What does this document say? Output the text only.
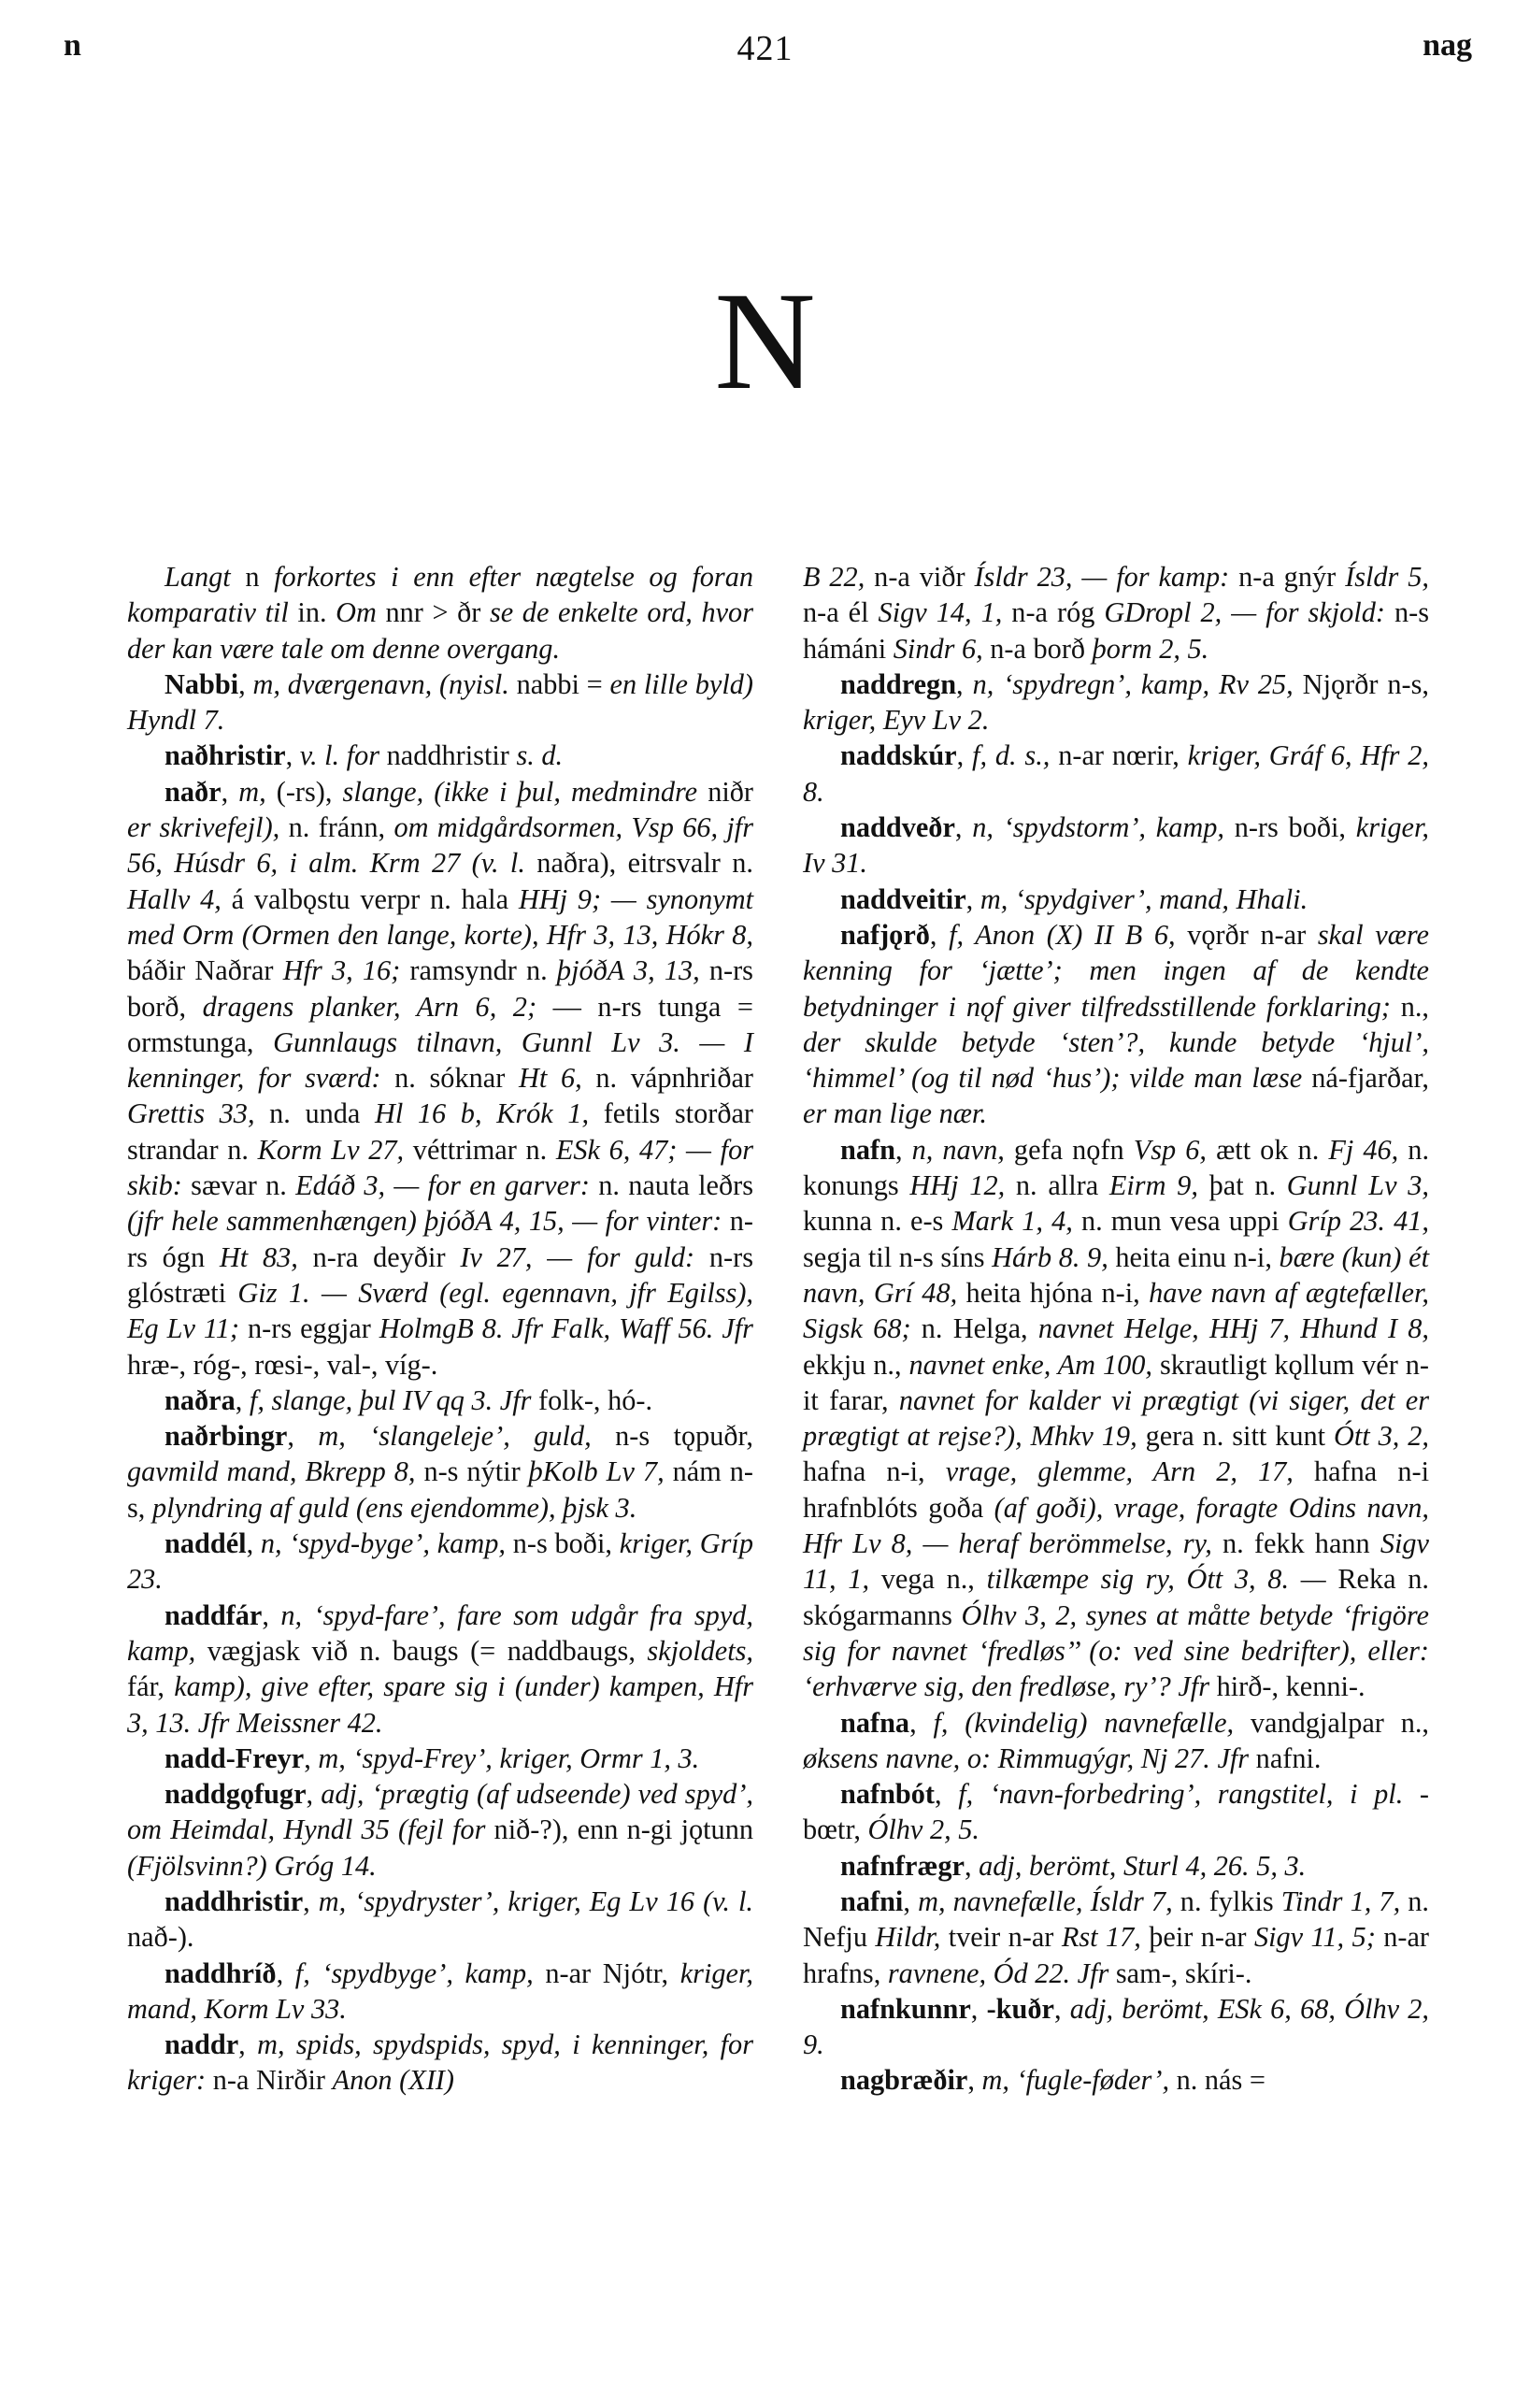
n	421	nag
N

Langt n forkortes i enn efter nægtelse og foran komparativ til in. Om nnr > ðr se de enkelte ord, hvor der kan være tale om denne overgang.

Nabbi, m, dværgenavn, (nyisl. nabbi = en lille byld) Hyndl 7.

naðhristir, v. l. for naddhristir s. d.

naðr, m, (-rs), slange, (ikke i þul, medmindre niðr er skrivefejl), n. fránn, om midgårdsormen, Vsp 66, jfr 56, Húsdr 6, i alm. Krm 27 (v. l. naðra), eitrsvalr n. Hallv 4, á valbǫstu verpr n. hala HHj 9; — synonymt med Orm (Ormen den lange, korte), Hfr 3, 13, Hókr 8, báðir Naðrar Hfr 3, 16; ramsyndr n. þjóðA 3, 13, n-rs borð, dragens planker, Arn 6, 2; — n-rs tunga = ormstunga, Gunnlaugs tilnavn, Gunnl Lv 3. — I kenninger, for sværd: n. sóknar Ht 6, n. vápnhriðar Grettis 33, n. unda Hl 16 b, Krók 1, fetils storðar strandar n. Korm Lv 27, véttrimar n. ESk 6, 47; — for skib: sævar n. Edáð 3, — for en garver: n. nauta leðrs (jfr hele sammenhængen) þjóðA 4, 15, — for vinter: n-rs ógn Ht 83, n-ra deyðir Iv 27, — for guld: n-rs glóstræti Giz 1. — Sværd (egl. egennavn, jfr Egilss), Eg Lv 11; n-rs eggjar HolmgB 8. Jfr Falk, Waff 56. Jfr hræ-, róg-, rœsi-, val-, víg-.

naðra, f, slange, þul IV qq 3. Jfr folk-, hó-.

naðrbingr, m, ‘slangeleje’, guld, n-s tǫpuðr, gavmild mand, Bkrepp 8, n-s nýtir þKolb Lv 7, nám n-s, plyndring af guld (ens ejendomme), þjsk 3.

naddél, n, ‘spyd-byge’, kamp, n-s boði, kriger, Gríp 23.

naddfár, n, ‘spyd-fare’, fare som udgår fra spyd, kamp, vægjask við n. baugs (= naddbaugs, skjoldets, fár, kamp), give efter, spare sig i (under) kampen, Hfr 3, 13. Jfr Meissner 42.

nadd-Freyr, m, ‘spyd-Frey’, kriger, Ormr 1, 3.

naddgǫfugr, adj, ‘prægtig (af udseende) ved spyd’, om Heimdal, Hyndl 35 (fejl for nið-?), enn n-gi jǫtunn (Fjölsvinn?) Gróg 14.

naddhristir, m, ‘spydryster’, kriger, Eg Lv 16 (v. l. nað-).

naddhríð, f, ‘spydbyge’, kamp, n-ar Njótr, kriger, mand, Korm Lv 33.

naddr, m, spids, spydspids, spyd, i kenninger, for kriger: n-a Nirðir Anon (XII)

B 22, n-a viðr Ísldr 23, — for kamp: n-a gnýr Ísldr 5, n-a él Sigv 14, 1, n-a róg GDropl 2, — for skjold: n-s hámáni Sindr 6, n-a borð þorm 2, 5.

naddregn, n, ‘spydregn’, kamp, Rv 25, Njǫrðr n-s, kriger, Eyv Lv 2.

naddskúr, f, d. s., n-ar nœrir, kriger, Gráf 6, Hfr 2, 8.

naddveðr, n, ‘spydstorm’, kamp, n-rs boði, kriger, Iv 31.

naddveitir, m, ‘spydgiver’, mand, Hhali.

nafjǫrð, f, Anon (X) II B 6, vǫrðr n-ar skal være kenning for ‘jætte’; men ingen af de kendte betydninger i nǫf giver tilfredsstillende forklaring; n., der skulde betyde ‘sten’?, kunde betyde ‘hjul’, ‘himmel’ (og til nød ‘hus’); vilde man læse ná-fjarðar, er man lige nær.

nafn, n, navn, gefa nǫfn Vsp 6, ætt ok n. Fj 46, n. konungs HHj 12, n. allra Eirm 9, þat n. Gunnl Lv 3, kunna n. e-s Mark 1, 4, n. mun vesa uppi Gríp 23. 41, segja til n-s síns Hárb 8. 9, heita einu n-i, bære (kun) ét navn, Grí 48, heita hjóna n-i, have navn af ægtefæller, Sigsk 68; n. Helga, navnet Helge, HHj 7, Hhund I 8, ekkju n., navnet enke, Am 100, skrautligt kǫllum vér n-it farar, navnet for kalder vi prægtigt (vi siger, det er prægtigt at rejse?), Mhkv 19, gera n. sitt kunt Ótt 3, 2, hafna n-i, vrage, glemme, Arn 2, 17, hafna n-i hrafnblóts goða (af goði), vrage, foragte Odins navn, Hfr Lv 8, — heraf berömmelse, ry, n. fekk hann Sigv 11, 1, vega n., tilkæmpe sig ry, Ótt 3, 8. — Reka n. skógarmanns Ólhv 3, 2, synes at måtte betyde ‘frigöre sig for navnet ‘fredløs’’ (o: ved sine bedrifter), eller: ‘erhværve sig, den fredløse, ry’? Jfr hirð-, kenni-.

nafna, f, (kvindelig) navnefælle, vandgjalpar n., øksens navne, o: Rimmugýgr, Nj 27. Jfr nafni.

nafnbót, f, ‘navn-forbedring’, rangstitel, i pl. -bœtr, Ólhv 2, 5.

nafnfrægr, adj, berömt, Sturl 4, 26. 5, 3.

nafni, m, navnefælle, Ísldr 7, n. fylkis Tindr 1, 7, n. Nefju Hildr, tveir n-ar Rst 17, þeir n-ar Sigv 11, 5; n-ar hrafns, ravnene, Ód 22. Jfr sam-, skíri-.

nafnkunnr, -kuðr, adj, berömt, ESk 6, 68, Ólhv 2, 9.

nagbræðir, m, ‘fugle-føder’, n. nás =
